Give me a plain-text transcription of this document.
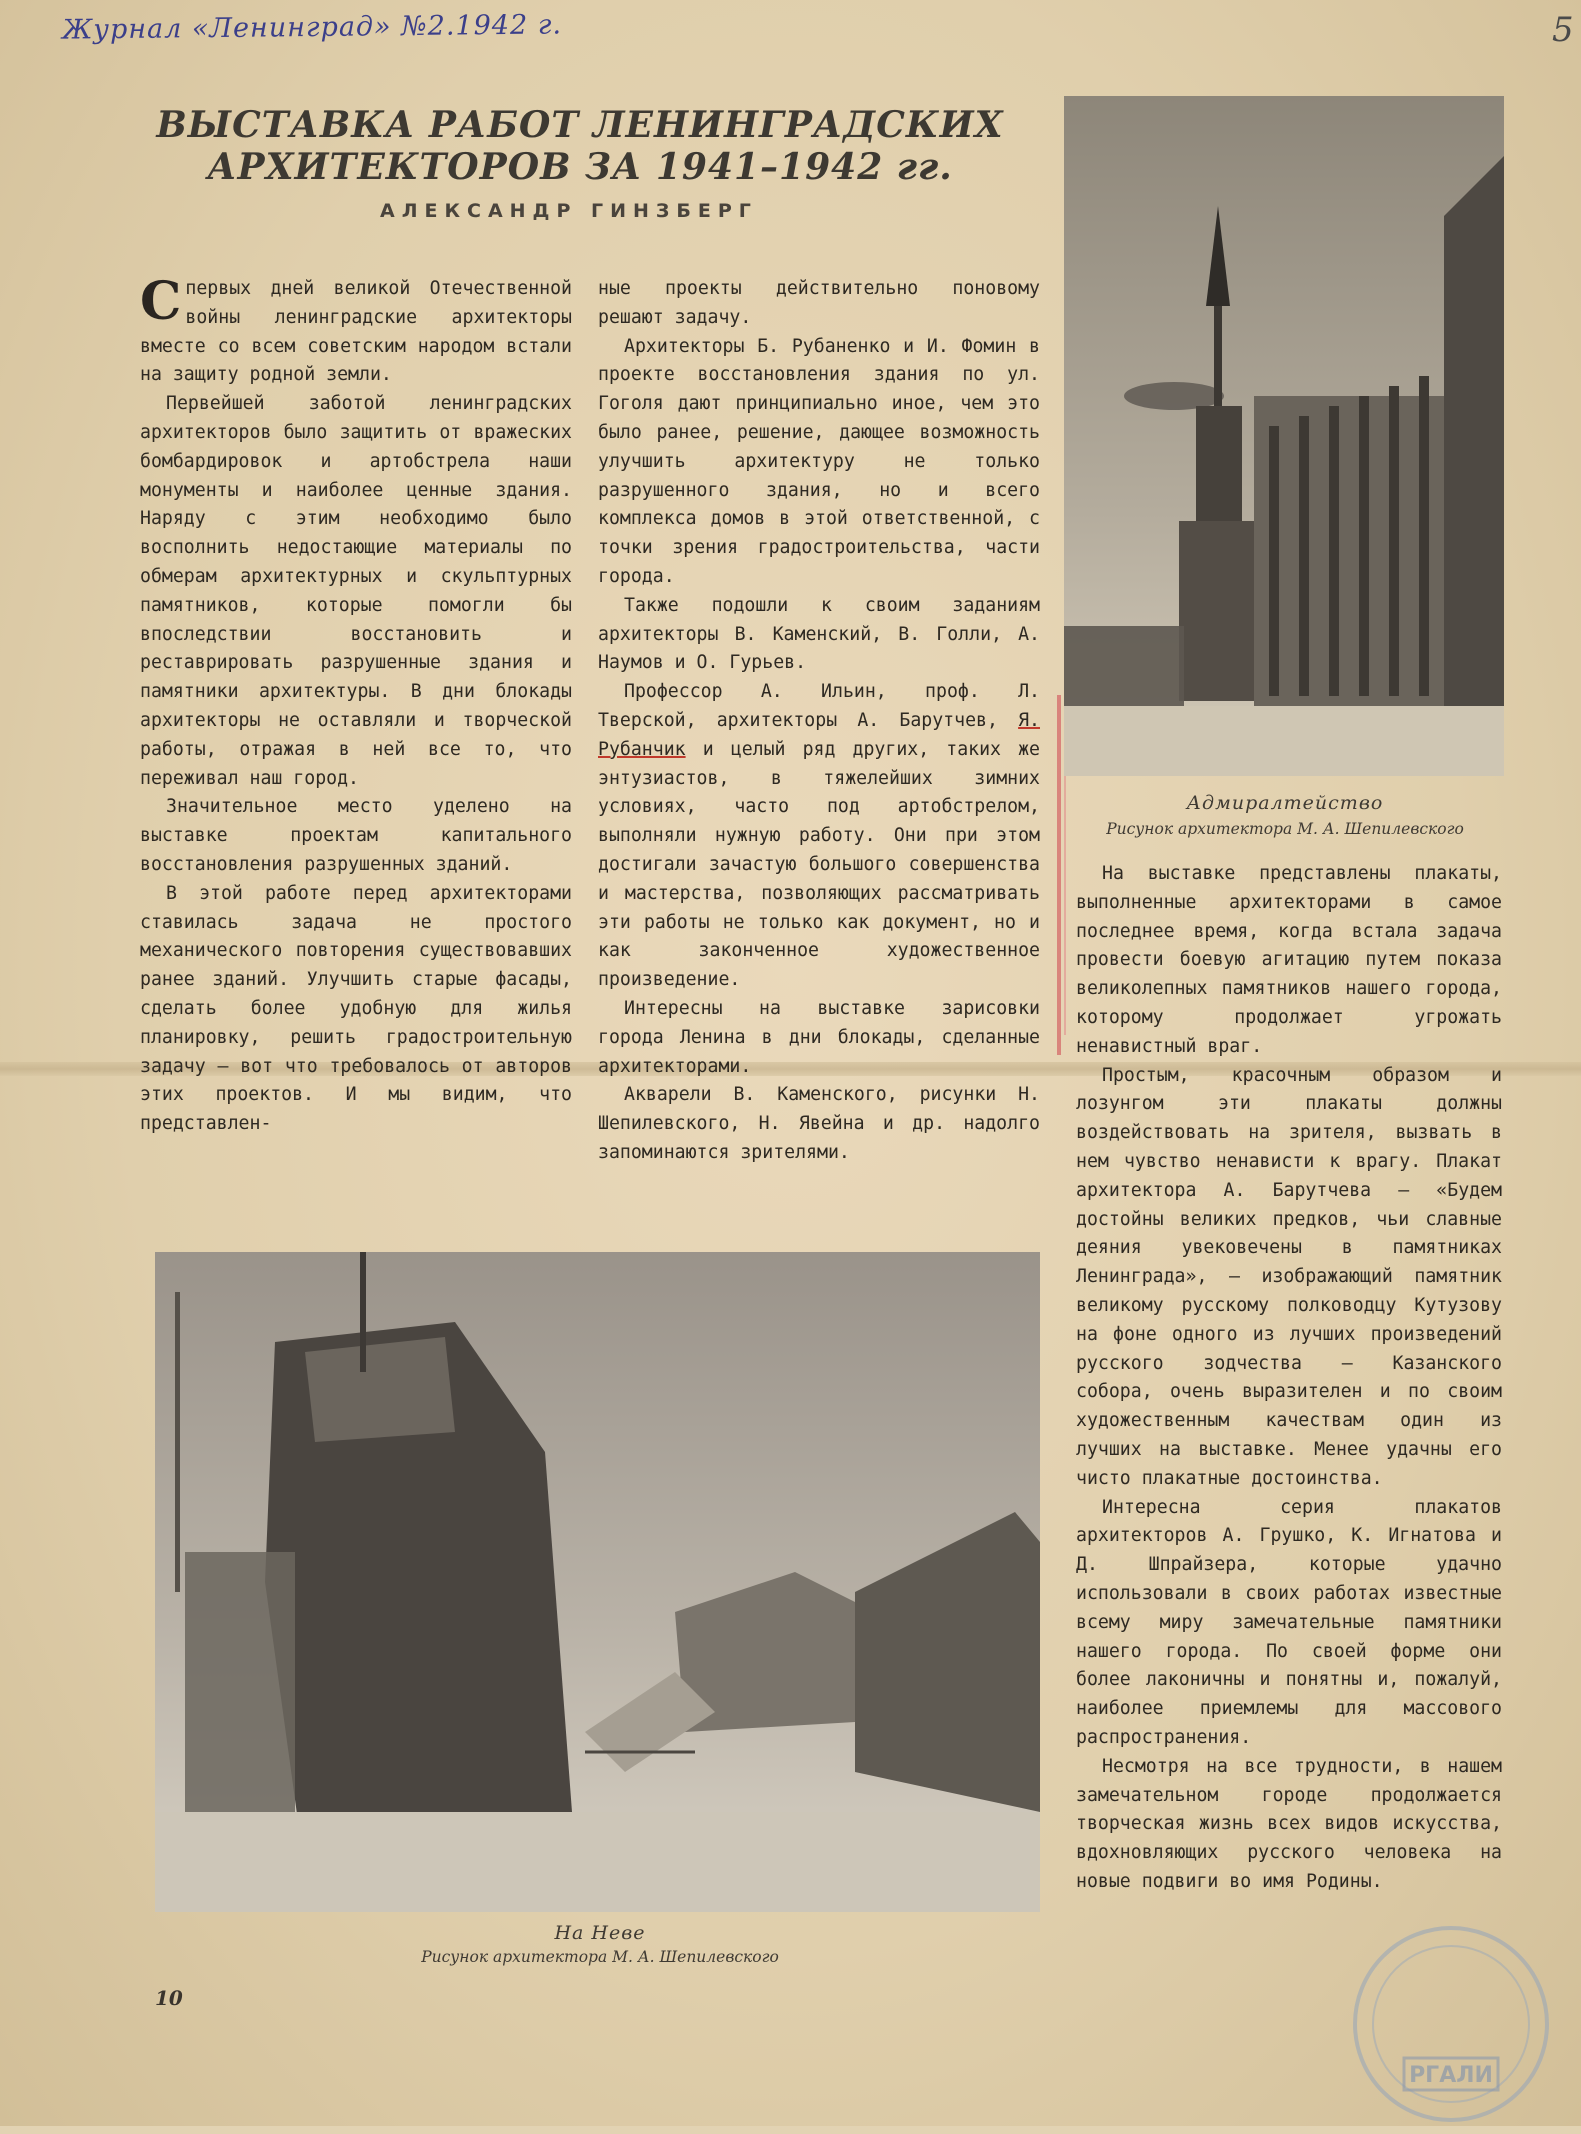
Журнал «Ленинград» №2.1942 г.	5
ВЫСТАВКА РАБОТ ЛЕНИНГРАДСКИХ АРХИТЕКТОРОВ ЗА 1941–1942 гг.
АЛЕКСАНДР ГИНЗБЕРГ

Спервых дней великой Отечественной войны ленинградские архитекторы вместе со всем советским народом встали на защиту родной земли.

Первейшей заботой ленинградских архитекторов было защитить от вражеских бомбардировок и артобстрела наши монументы и наиболее ценные здания. Наряду с этим необходимо было восполнить недостающие материалы по обмерам архитектурных и скульптурных памятников, которые помогли бы впоследствии восстановить и реставрировать разрушенные здания и памятники архитектуры. В дни блокады архитекторы не оставляли и творческой работы, отражая в ней все то, что переживал наш город.

Значительное место уделено на выставке проектам капитального восстановления разрушенных зданий.

В этой работе перед архитекторами ставилась задача не простого механического повторения существовавших ранее зданий. Улучшить старые фасады, сделать более удобную для жилья планировку, решить градостроительную задачу — вот что требовалось от авторов этих проектов. И мы видим, что представлен-

ные проекты действительно поновому решают задачу.

Архитекторы Б. Рубаненко и И. Фомин в проекте восстановления здания по ул. Гоголя дают принципиально иное, чем это было ранее, решение, дающее возможность улучшить архитектуру не только разрушенного здания, но и всего комплекса домов в этой ответственной, с точки зрения градостроительства, части города.

Также подошли к своим заданиям архитекторы В. Каменский, В. Голли, А. Наумов и О. Гурьев.

Профессор А. Ильин, проф. Л. Тверской, архитекторы А. Барутчев, Я. Рубанчик и целый ряд других, таких же энтузиастов, в тяжелейших зимних условиях, часто под артобстрелом, выполняли нужную работу. Они при этом достигали зачастую большого совершенства и мастерства, позволяющих рассматривать эти работы не только как документ, но и как законченное художественное произведение.

Интересны на выставке зарисовки города Ленина в дни блокады, сделанные архитекторами.

Акварели В. Каменского, рисунки Н. Шепилевского, Н. Явейна и др. надолго запоминаются зрителями.

На выставке представлены плакаты, выполненные архитекторами в самое последнее время, когда встала задача провести боевую агитацию путем показа великолепных памятников нашего города, которому продолжает угрожать ненавистный враг.

Простым, красочным образом и лозунгом эти плакаты должны воздействовать на зрителя, вызвать в нем чувство ненависти к врагу. Плакат архитектора А. Барутчева — «Будем достойны великих предков, чьи славные деяния увековечены в памятниках Ленинграда», — изображающий памятник великому русскому полководцу Кутузову на фоне одного из лучших произведений русского зодчества — Казанского собора, очень выразителен и по своим художественным качествам один из лучших на выставке. Менее удачны его чисто плакатные достоинства.

Интересна серия плакатов архитекторов А. Грушко, К. Игнатова и Д. Шпрайзера, которые удачно использовали в своих работах известные всему миру замечательные памятники нашего города. По своей форме они более лаконичны и понятны и, пожалуй, наиболее приемлемы для массового распространения.

Несмотря на все трудности, в нашем замечательном городе продолжается творческая жизнь всех видов искусства, вдохновляющих русского человека на новые подвиги во имя Родины.

Адмиралтейство
Рисунок архитектора М. А. Шепилевского
На Неве
Рисунок архитектора М. А. Шепилевского
10
РГАЛИ
